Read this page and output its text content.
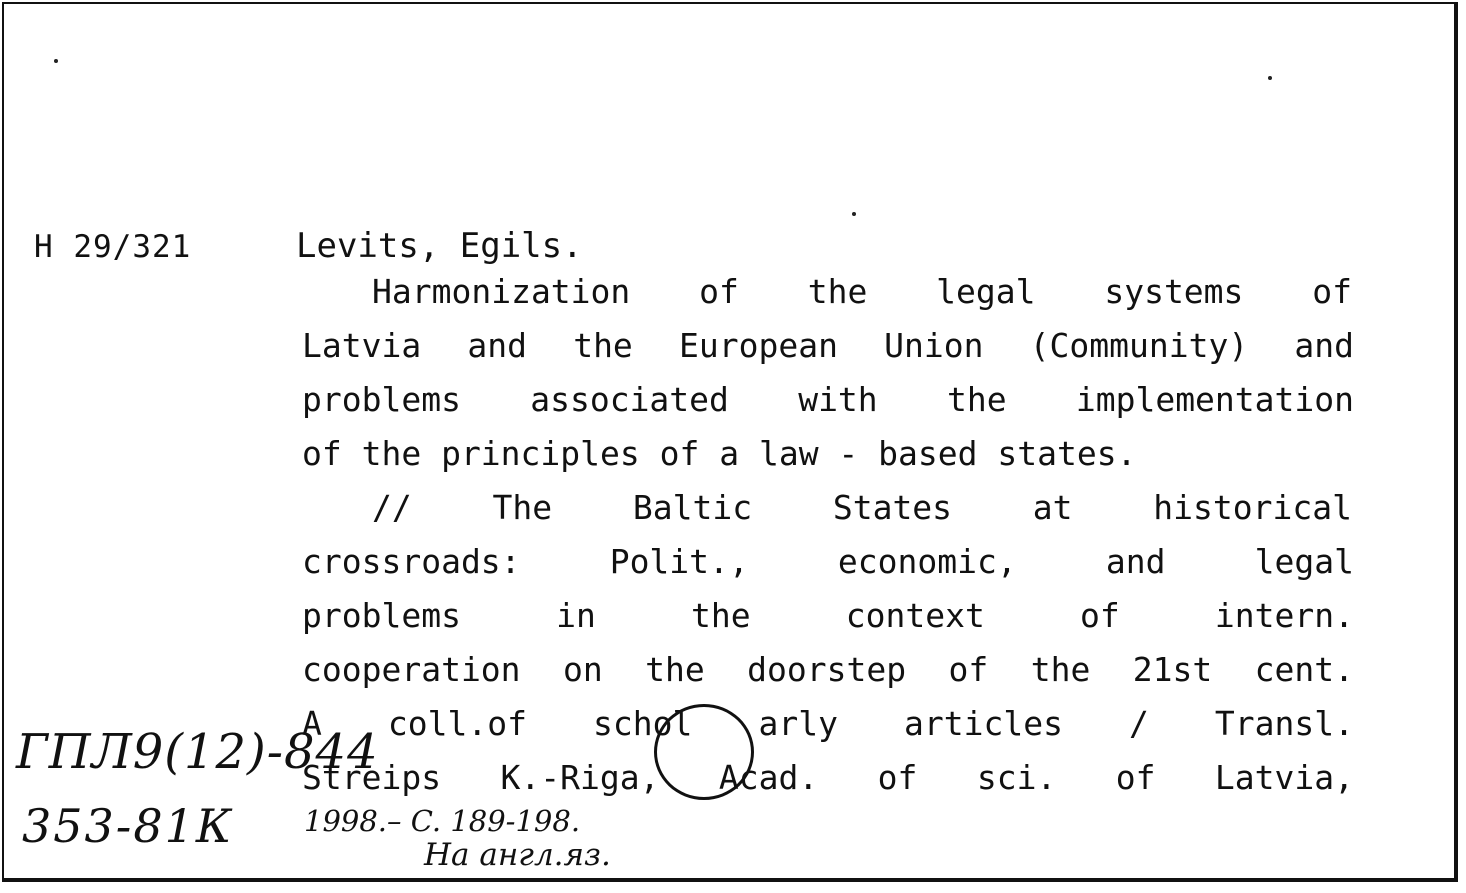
H 29/321	Levits, Egils.
Harmonization of the legal systems of
Latvia and the European Union (Community) and
problems associated with the implementation
of the principles of a law - based states.
// The Baltic States at historical
crossroads: Polit., economic, and legal
problems in the context of intern.
cooperation on the doorstep of the 21st cent.
A coll.of schol arly articles / Transl.
Streips K.-Riga, Acad. of sci. of Latvia,
1998.– C. 189-198.
На англ.яз.
ГПЛ9(12)-844
353-81К
